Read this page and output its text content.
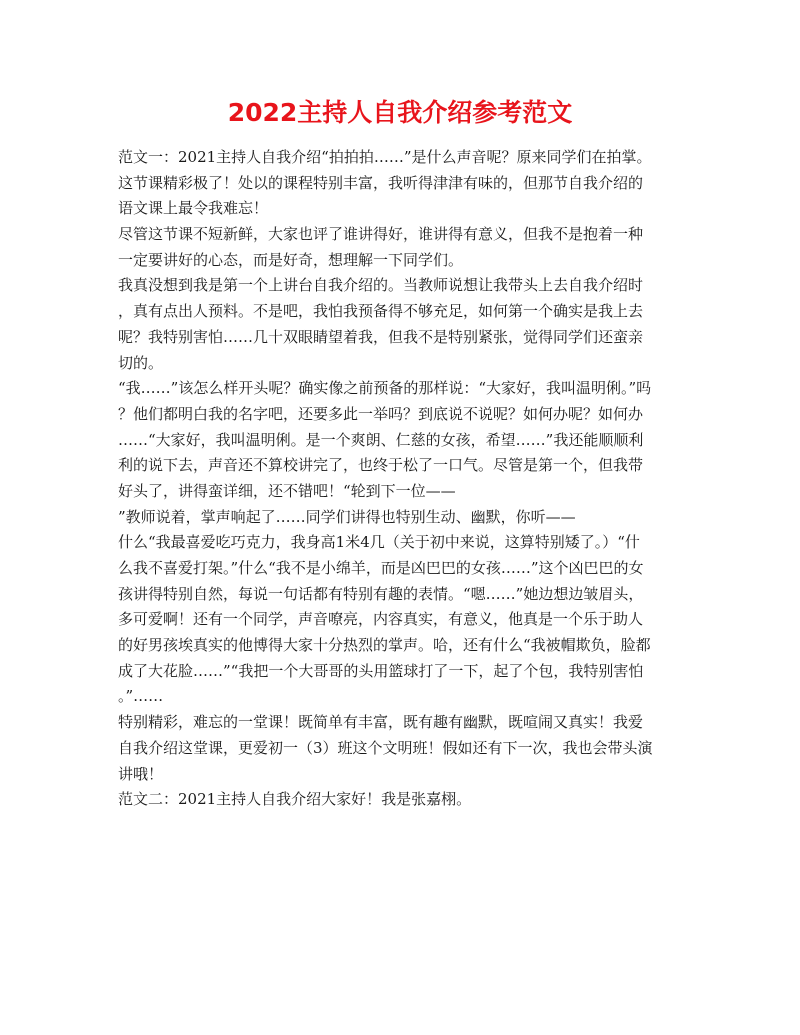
2022主持人自我介绍参考范文
范文一：2021主持人自我介绍“拍拍拍……”是什么声音呢？原来同学们在拍掌。
这节课精彩极了！处以的课程特别丰富，我听得津津有味的，但那节自我介绍的
语文课上最令我难忘！
尽管这节课不短新鲜，大家也评了谁讲得好，谁讲得有意义，但我不是抱着一种
一定要讲好的心态，而是好奇，想理解一下同学们。
我真没想到我是第一个上讲台自我介绍的。当教师说想让我带头上去自我介绍时
，真有点出人预料。不是吧，我怕我预备得不够充足，如何第一个确实是我上去
呢？我特别害怕……几十双眼睛望着我，但我不是特别紧张，觉得同学们还蛮亲
切的。
“我……”该怎么样开头呢？确实像之前预备的那样说：“大家好，我叫温明俐。”吗
？他们都明白我的名字吧，还要多此一举吗？到底说不说呢？如何办呢？如何办
……“大家好，我叫温明俐。是一个爽朗、仁慈的女孩，希望……”我还能顺顺利
利的说下去，声音还不算校讲完了，也终于松了一口气。尽管是第一个，但我带
好头了，讲得蛮详细，还不错吧！“轮到下一位——
”教师说着，掌声响起了……同学们讲得也特别生动、幽默，你听——
什么“我最喜爱吃巧克力，我身高1米4几（关于初中来说，这算特别矮了。）“什
么我不喜爱打架。”什么“我不是小绵羊，而是凶巴巴的女孩……”这个凶巴巴的女
孩讲得特别自然，每说一句话都有特别有趣的表情。“嗯……”她边想边皱眉头，
多可爱啊！还有一个同学，声音嘹亮，内容真实，有意义，他真是一个乐于助人
的好男孩埃真实的他博得大家十分热烈的掌声。哈，还有什么“我被帽欺负，脸都
成了大花脸……”“我把一个大哥哥的头用篮球打了一下，起了个包，我特别害怕
。”……
特别精彩，难忘的一堂课！既简单有丰富，既有趣有幽默，既喧闹又真实！我爱
自我介绍这堂课，更爱初一（3）班这个文明班！假如还有下一次，我也会带头演
讲哦！
范文二：2021主持人自我介绍大家好！我是张嘉栩。
